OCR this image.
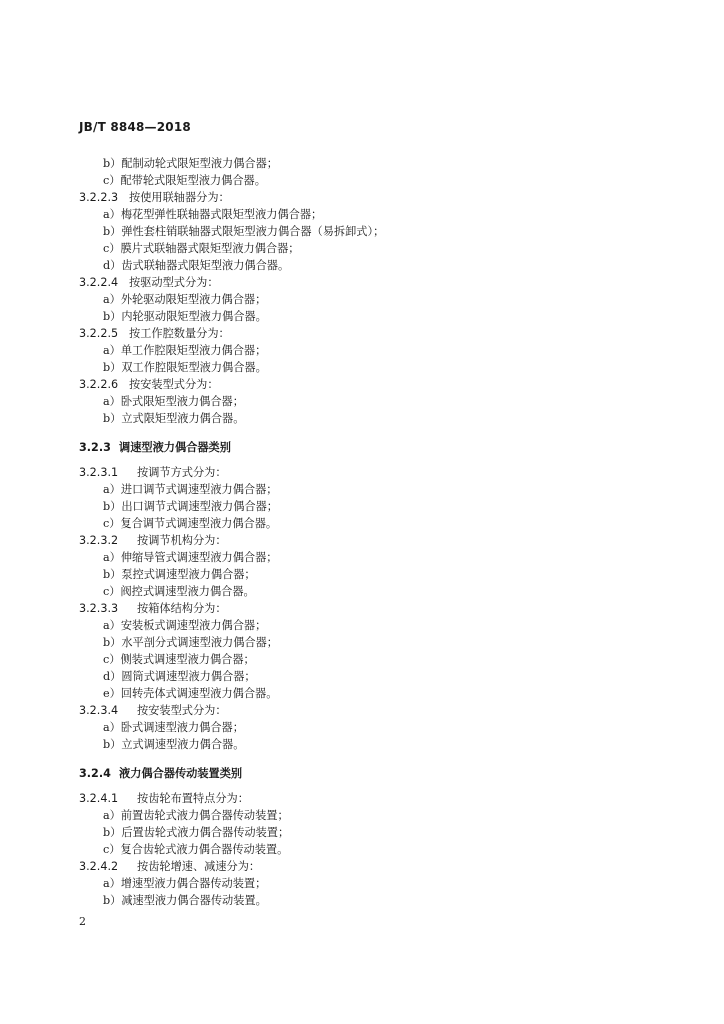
JB/T 8848—2018
b）配制动轮式限矩型液力偶合器；
c）配带轮式限矩型液力偶合器。
3.2.2.3 按使用联轴器分为：
a）梅花型弹性联轴器式限矩型液力偶合器；
b）弹性套柱销联轴器式限矩型液力偶合器（易拆卸式）；
c）膜片式联轴器式限矩型液力偶合器；
d）齿式联轴器式限矩型液力偶合器。
3.2.2.4 按驱动型式分为：
a）外轮驱动限矩型液力偶合器；
b）内轮驱动限矩型液力偶合器。
3.2.2.5 按工作腔数量分为：
a）单工作腔限矩型液力偶合器；
b）双工作腔限矩型液力偶合器。
3.2.2.6 按安装型式分为：
a）卧式限矩型液力偶合器；
b）立式限矩型液力偶合器。
3.2.3 调速型液力偶合器类别
3.2.3.1 按调节方式分为：
a）进口调节式调速型液力偶合器；
b）出口调节式调速型液力偶合器；
c）复合调节式调速型液力偶合器。
3.2.3.2 按调节机构分为：
a）伸缩导管式调速型液力偶合器；
b）泵控式调速型液力偶合器；
c）阀控式调速型液力偶合器。
3.2.3.3 按箱体结构分为：
a）安装板式调速型液力偶合器；
b）水平剖分式调速型液力偶合器；
c）侧装式调速型液力偶合器；
d）圆筒式调速型液力偶合器；
e）回转壳体式调速型液力偶合器。
3.2.3.4 按安装型式分为：
a）卧式调速型液力偶合器；
b）立式调速型液力偶合器。
3.2.4 液力偶合器传动装置类别
3.2.4.1 按齿轮布置特点分为：
a）前置齿轮式液力偶合器传动装置；
b）后置齿轮式液力偶合器传动装置；
c）复合齿轮式液力偶合器传动装置。
3.2.4.2 按齿轮增速、减速分为：
a）增速型液力偶合器传动装置；
b）减速型液力偶合器传动装置。
2
